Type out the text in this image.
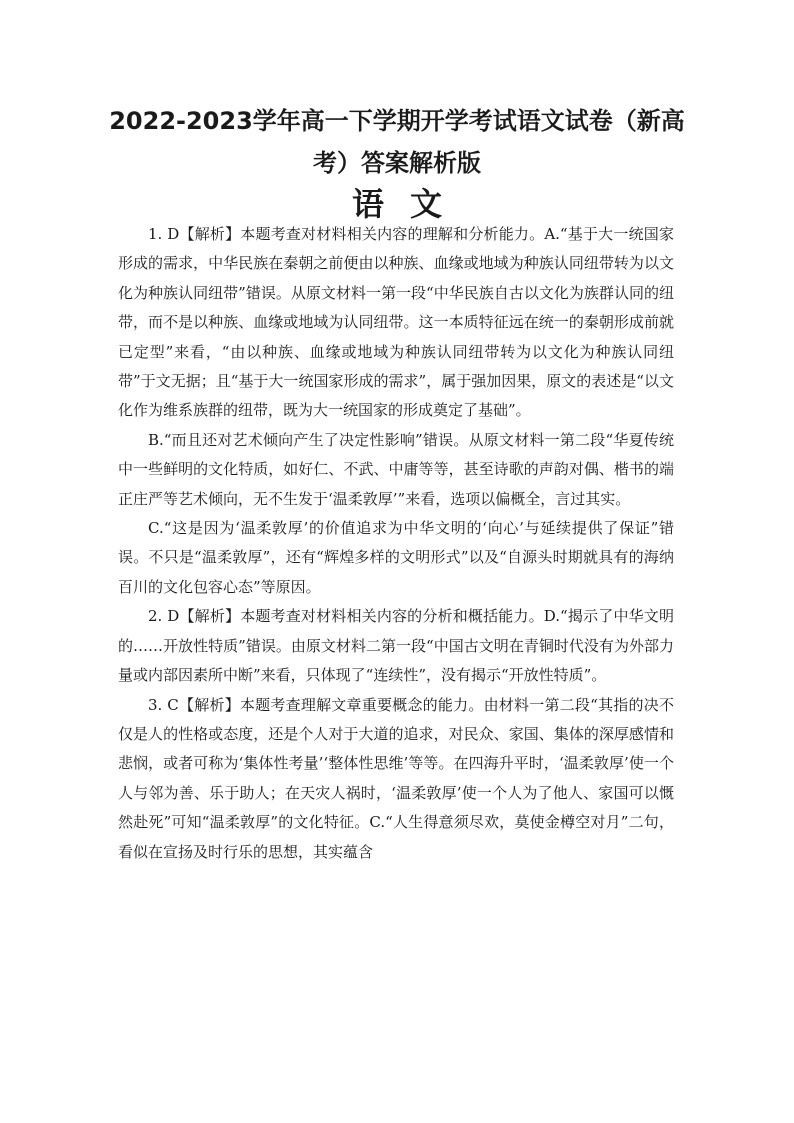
2022-2023学年高一下学期开学考试语文试卷（新高考）答案解析版
语文

1. D【解析】本题考查对材料相关内容的理解和分析能力。A.“基于大一统国家形成的需求，中华民族在秦朝之前便由以种族、血缘或地域为种族认同纽带转为以文化为种族认同纽带”错误。从原文材料一第一段“中华民族自古以文化为族群认同的纽带，而不是以种族、血缘或地域为认同纽带。这一本质特征远在统一的秦朝形成前就已定型”来看，“由以种族、血缘或地域为种族认同纽带转为以文化为种族认同纽带”于文无据；且“基于大一统国家形成的需求”，属于强加因果，原文的表述是“以文化作为维系族群的纽带，既为大一统国家的形成奠定了基础”。

B.“而且还对艺术倾向产生了决定性影响”错误。从原文材料一第二段“华夏传统中一些鲜明的文化特质，如好仁、不武、中庸等等，甚至诗歌的声韵对偶、楷书的端正庄严等艺术倾向，无不生发于‘温柔敦厚’”来看，选项以偏概全，言过其实。

C.“这是因为‘温柔敦厚’的价值追求为中华文明的‘向心’与延续提供了保证”错误。不只是“温柔敦厚”，还有“辉煌多样的文明形式”以及“自源头时期就具有的海纳百川的文化包容心态”等原因。

2. D【解析】本题考查对材料相关内容的分析和概括能力。D.“揭示了中华文明的……开放性特质”错误。由原文材料二第一段“中国古文明在青铜时代没有为外部力量或内部因素所中断”来看，只体现了“连续性”，没有揭示“开放性特质”。

3. C【解析】本题考查理解文章重要概念的能力。由材料一第二段“其指的决不仅是人的性格或态度，还是个人对于大道的追求，对民众、家国、集体的深厚感情和悲悯，或者可称为‘集体性考量’‘整体性思维’等等。在四海升平时，‘温柔敦厚’使一个人与邻为善、乐于助人；在天灾人祸时，‘温柔敦厚’使一个人为了他人、家国可以慨然赴死”可知“温柔敦厚”的文化特征。C.“人生得意须尽欢，莫使金樽空对月”二句，看似在宣扬及时行乐的思想，其实蕴含
